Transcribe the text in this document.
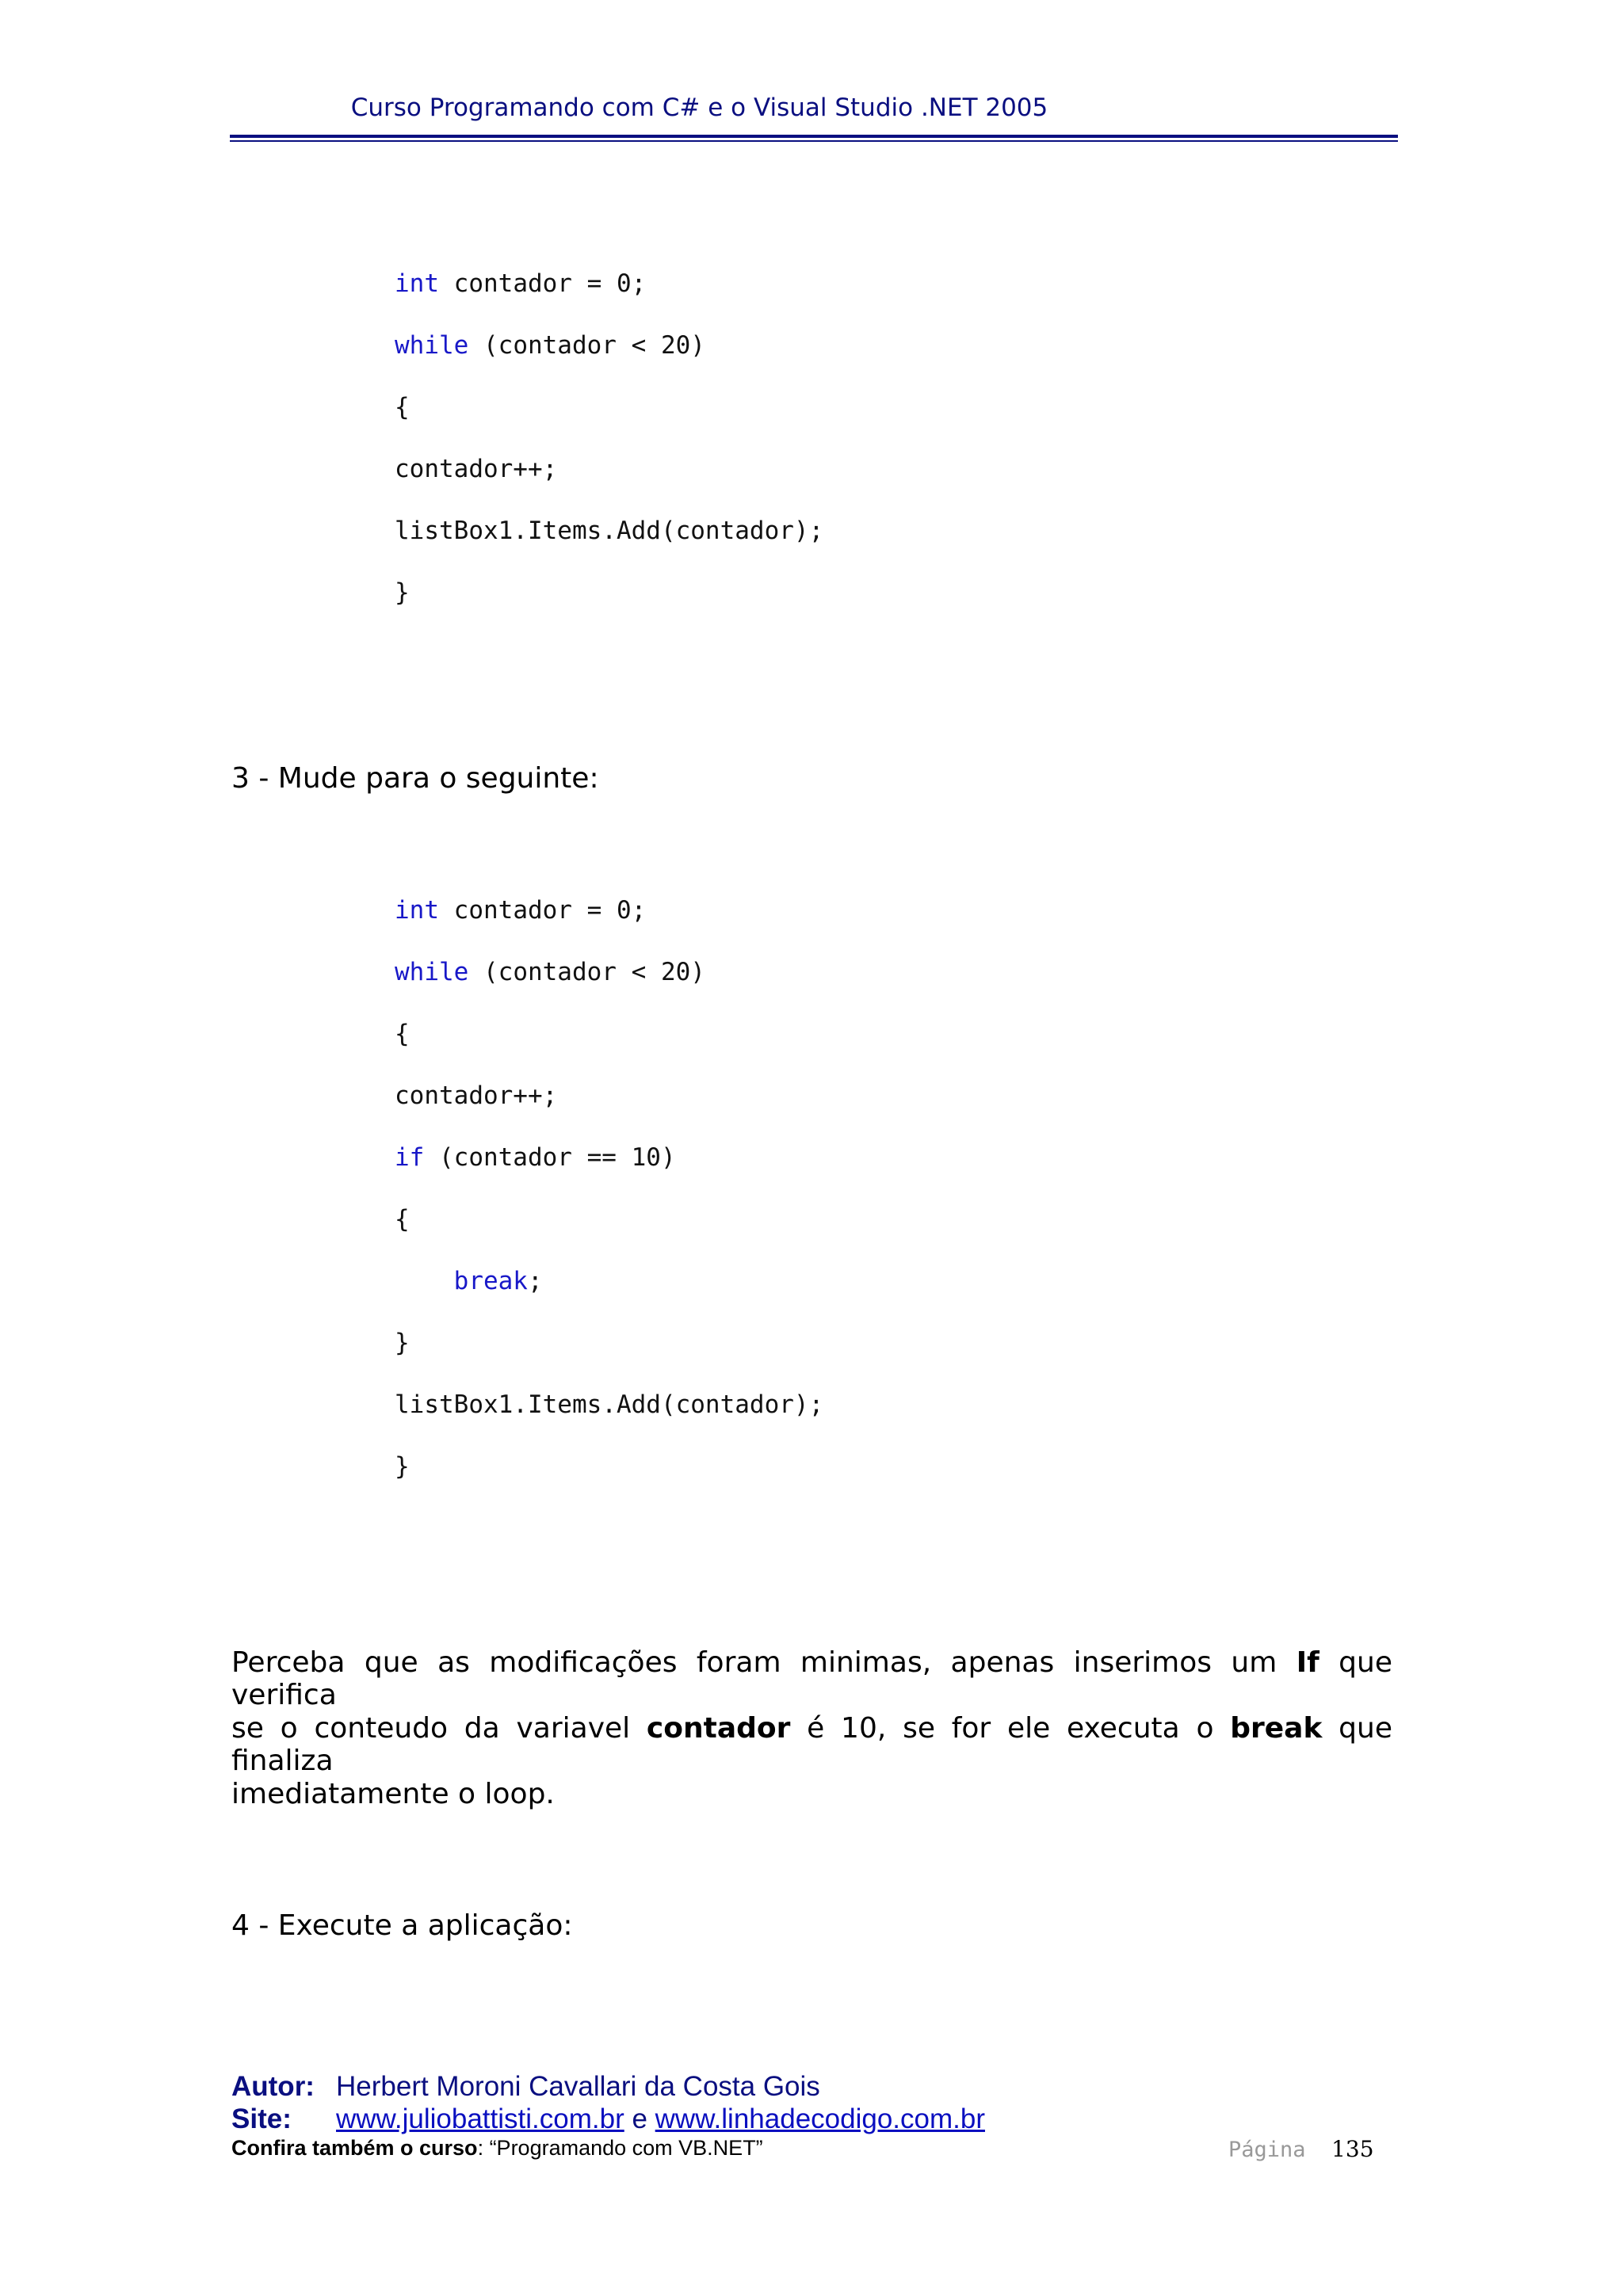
Curso Programando com C# e o Visual Studio .NET 2005
int contador = 0;
while (contador < 20)
{
contador++;
listBox1.Items.Add(contador);
}
3 - Mude para o seguinte:
int contador = 0;
while (contador < 20)
{
contador++;
if (contador == 10)
{
break;
}
listBox1.Items.Add(contador);
}
Perceba que as modificações foram minimas, apenas inserimos um If que verifica
se o conteudo da variavel contador é 10, se for ele executa o break que finaliza
imediatamente o loop.
4 - Execute a aplicação:
Autor: Herbert Moroni Cavallari da Costa Gois
Site: www.juliobattisti.com.br e www.linhadecodigo.com.br
Confira também o curso: “Programando com VB.NET”	Página 135
